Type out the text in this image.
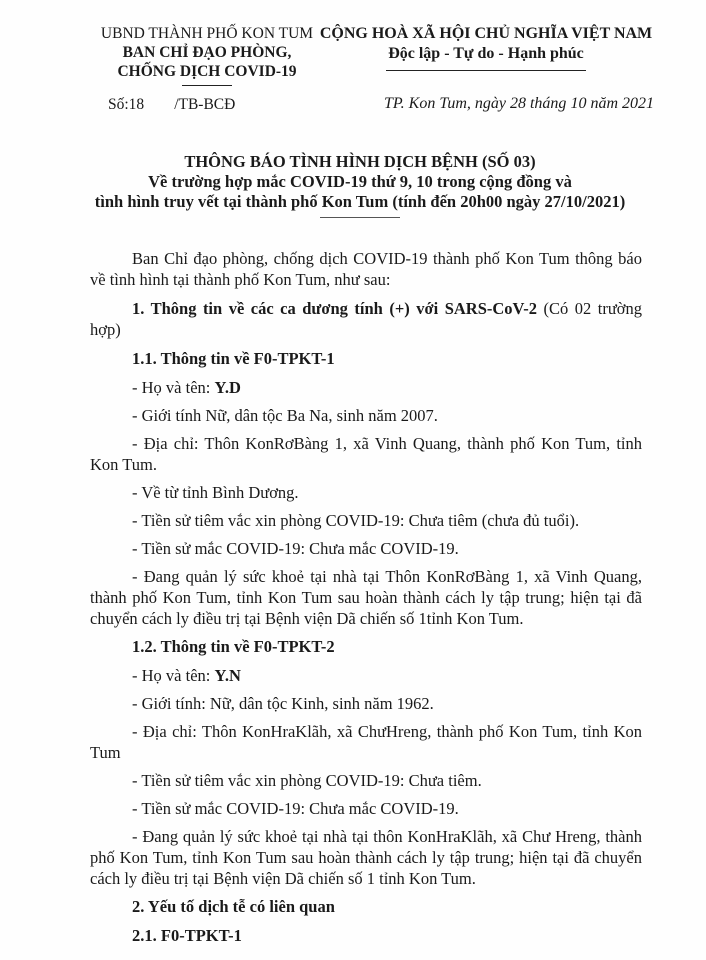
UBND THÀNH PHỐ KON TUM
BAN CHỈ ĐẠO PHÒNG,
CHỐNG DỊCH COVID-19
CỘNG HOÀ XÃ HỘI CHỦ NGHĨA VIỆT NAM
Độc lập - Tự do - Hạnh phúc
Số:18 /TB-BCĐ	TP. Kon Tum, ngày 28 tháng 10 năm 2021
THÔNG BÁO TÌNH HÌNH DỊCH BỆNH (SỐ 03)
Về trường hợp mắc COVID-19 thứ 9, 10 trong cộng đồng và
tình hình truy vết tại thành phố Kon Tum (tính đến 20h00 ngày 27/10/2021)

Ban Chỉ đạo phòng, chống dịch COVID-19 thành phố Kon Tum thông báo về tình hình tại thành phố Kon Tum, như sau:

1. Thông tin về các ca dương tính (+) với SARS-CoV-2 (Có 02 trường hợp)

1.1. Thông tin về F0-TPKT-1

- Họ và tên: Y.D

- Giới tính Nữ, dân tộc Ba Na, sinh năm 2007.

- Địa chỉ: Thôn KonRơBàng 1, xã Vinh Quang, thành phố Kon Tum, tỉnh Kon Tum.

- Về từ tỉnh Bình Dương.

- Tiền sử tiêm vắc xin phòng COVID-19: Chưa tiêm (chưa đủ tuổi).

- Tiền sử mắc COVID-19: Chưa mắc COVID-19.

- Đang quản lý sức khoẻ tại nhà tại Thôn KonRơBàng 1, xã Vinh Quang, thành phố Kon Tum, tỉnh Kon Tum sau hoàn thành cách ly tập trung; hiện tại đã chuyển cách ly điều trị tại Bệnh viện Dã chiến số 1tỉnh Kon Tum.

1.2. Thông tin về F0-TPKT-2

- Họ và tên: Y.N

- Giới tính: Nữ, dân tộc Kinh, sinh năm 1962.

- Địa chỉ: Thôn KonHraKlãh, xã ChưHreng, thành phố Kon Tum, tỉnh Kon Tum

- Tiền sử tiêm vắc xin phòng COVID-19: Chưa tiêm.

- Tiền sử mắc COVID-19: Chưa mắc COVID-19.

- Đang quản lý sức khoẻ tại nhà tại thôn KonHraKlãh, xã Chư Hreng, thành phố Kon Tum, tỉnh Kon Tum sau hoàn thành cách ly tập trung; hiện tại đã chuyển cách ly điều trị tại Bệnh viện Dã chiến số 1 tỉnh Kon Tum.

2. Yếu tố dịch tễ có liên quan

2.1. F0-TPKT-1
